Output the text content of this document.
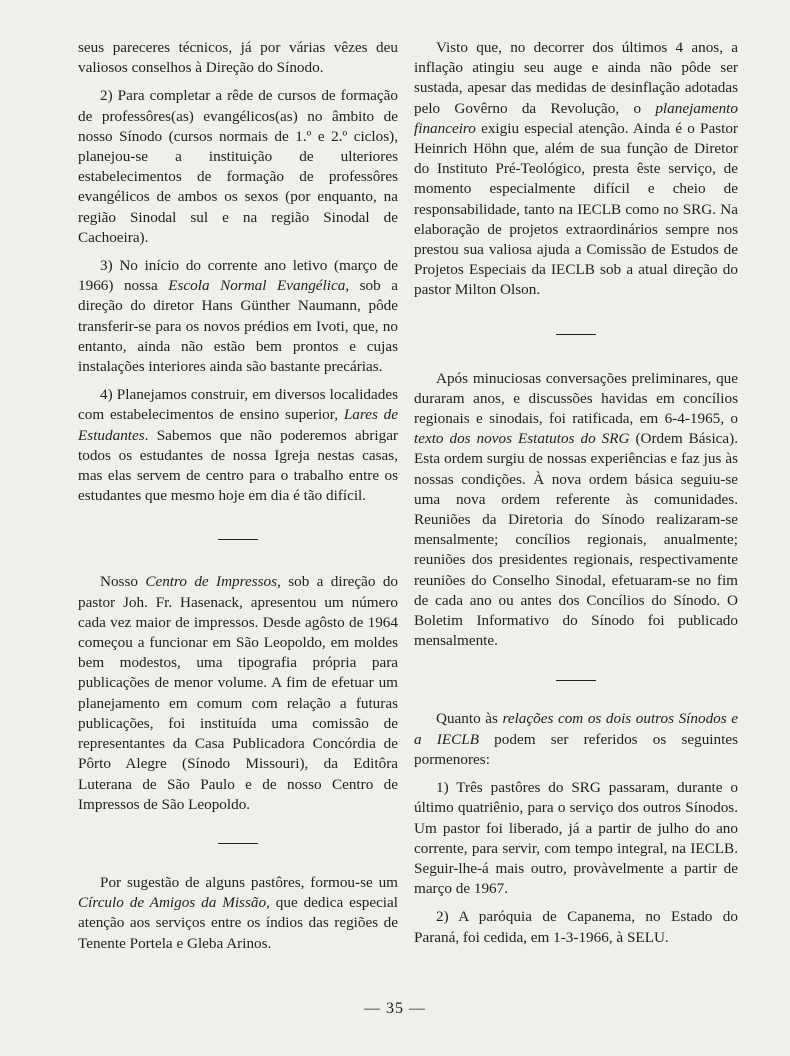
seus pareceres técnicos, já por várias vêzes deu valiosos conselhos à Direção do Sínodo.

2) Para completar a rêde de cursos de formação de professôres(as) evangélicos(as) no âmbito de nosso Sínodo (cursos normais de 1.º e 2.º ciclos), planejou-se a instituição de ulteriores estabelecimentos de formação de professôres evangélicos de ambos os sexos (por enquanto, na região Sinodal sul e na região Sinodal de Cachoeira).

3) No início do corrente ano letivo (março de 1966) nossa Escola Normal Evangélica, sob a direção do diretor Hans Günther Naumann, pôde transferir-se para os novos prédios em Ivoti, que, no entanto, ainda não estão bem prontos e cujas instalações interiores ainda são bastante precárias.

4) Planejamos construir, em diversos localidades com estabelecimentos de ensino superior, Lares de Estudantes. Sabemos que não poderemos abrigar todos os estudantes de nossa Igreja nestas casas, mas elas servem de centro para o trabalho entre os estudantes que mesmo hoje em dia é tão difícil.

Nosso Centro de Impressos, sob a direção do pastor Joh. Fr. Hasenack, apresentou um número cada vez maior de impressos. Desde agôsto de 1964 começou a funcionar em São Leopoldo, em moldes bem modestos, uma tipografia própria para publicações de menor volume. A fim de efetuar um planejamento em comum com relação a futuras publicações, foi instituída uma comissão de representantes da Casa Publicadora Concórdia de Pôrto Alegre (Sínodo Missouri), da Editôra Luterana de São Paulo e de nosso Centro de Impressos de São Leopoldo.

Por sugestão de alguns pastôres, formou-se um Círculo de Amigos da Missão, que dedica especial atenção aos serviços entre os índios das regiões de Tenente Portela e Gleba Arinos.

Visto que, no decorrer dos últimos 4 anos, a inflação atingiu seu auge e ainda não pôde ser sustada, apesar das medidas de desinflação adotadas pelo Govêrno da Revolução, o planejamento financeiro exigiu especial atenção. Ainda é o Pastor Heinrich Höhn que, além de sua função de Diretor do Instituto Pré-Teológico, presta êste serviço, de momento especialmente difícil e cheio de responsabilidade, tanto na IECLB como no SRG. Na elaboração de projetos extraordinários sempre nos prestou sua valiosa ajuda a Comissão de Estudos de Projetos Especiais da IECLB sob a atual direção do pastor Milton Olson.

Após minuciosas conversações preliminares, que duraram anos, e discussões havidas em concílios regionais e sinodais, foi ratificada, em 6-4-1965, o texto dos novos Estatutos do SRG (Ordem Básica). Esta ordem surgiu de nossas experiências e faz jus às nossas condições. À nova ordem básica seguiu-se uma nova ordem referente às comunidades. Reuniões da Diretoria do Sínodo realizaram-se mensalmente; concílios regionais, anualmente; reuniões dos presidentes regionais, respectivamente reuniões do Conselho Sinodal, efetuaram-se no fim de cada ano ou antes dos Concílios do Sínodo. O Boletim Informativo do Sínodo foi publicado mensalmente.

Quanto às relações com os dois outros Sínodos e a IECLB podem ser referidos os seguintes pormenores:

1) Três pastôres do SRG passaram, durante o último quatriênio, para o serviço dos outros Sínodos. Um pastor foi liberado, já a partir de julho do ano corrente, para servir, com tempo integral, na IECLB. Seguir-lhe-á mais outro, provàvelmente a partir de março de 1967.

2) A paróquia de Capanema, no Estado do Paraná, foi cedida, em 1-3-1966, à SELU.

— 35 —
